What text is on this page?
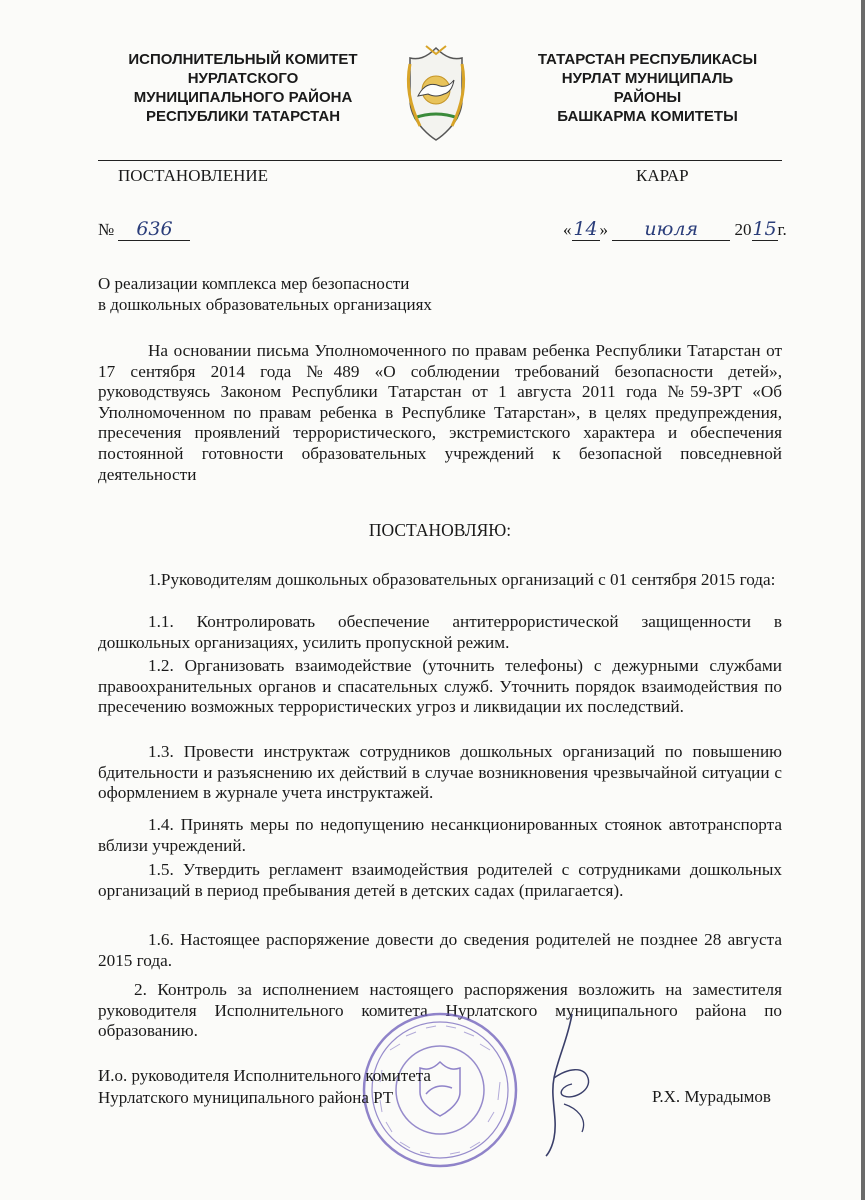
ИСПОЛНИТЕЛЬНЫЙ КОМИТЕТ
НУРЛАТСКОГО
МУНИЦИПАЛЬНОГО РАЙОНА
РЕСПУБЛИКИ ТАТАРСТАН
ТАТАРСТАН РЕСПУБЛИКАСЫ
НУРЛАТ МУНИЦИПАЛЬ
РАЙОНЫ
БАШКАРМА КОМИТЕТЫ
ПОСТАНОВЛЕНИЕ	КАРАР
№ 636	« 14 » июля 2015г.
О реализации комплекса мер безопасности
в дошкольных образовательных организациях
На основании письма Уполномоченного по правам ребенка Республики Татарстан от 17 сентября 2014 года №489 «О соблюдении требований безопасности детей», руководствуясь Законом Республики Татарстан от 1 августа 2011 года №59-ЗРТ «Об Уполномоченном по правам ребенка в Республике Татарстан», в целях предупреждения, пресечения проявлений террористического, экстремистского характера и обеспечения постоянной готовности образовательных учреждений к безопасной повседневной деятельности
ПОСТАНОВЛЯЮ:
1.Руководителям дошкольных образовательных организаций с 01 сентября 2015 года:
1.1. Контролировать обеспечение антитеррористической защищенности в дошкольных организациях, усилить пропускной режим.
1.2. Организовать взаимодействие (уточнить телефоны) с дежурными службами правоохранительных органов и спасательных служб. Уточнить порядок взаимодействия по пресечению возможных террористических угроз и ликвидации их последствий.
1.3. Провести инструктаж сотрудников дошкольных организаций по повышению бдительности и разъяснению их действий в случае возникновения чрезвычайной ситуации с оформлением в журнале учета инструктажей.
1.4. Принять меры по недопущению несанкционированных стоянок автотранспорта вблизи учреждений.
1.5. Утвердить регламент взаимодействия родителей с сотрудниками дошкольных организаций в период пребывания детей в детских садах (прилагается).
1.6. Настоящее распоряжение довести до сведения родителей не позднее 28 августа 2015 года.
2. Контроль за исполнением настоящего распоряжения возложить на заместителя руководителя Исполнительного комитета Нурлатского муниципального района по образованию.
И.о. руководителя Исполнительного комитета
Нурлатского муниципального района РТ	Р.Х. Мурадымов
